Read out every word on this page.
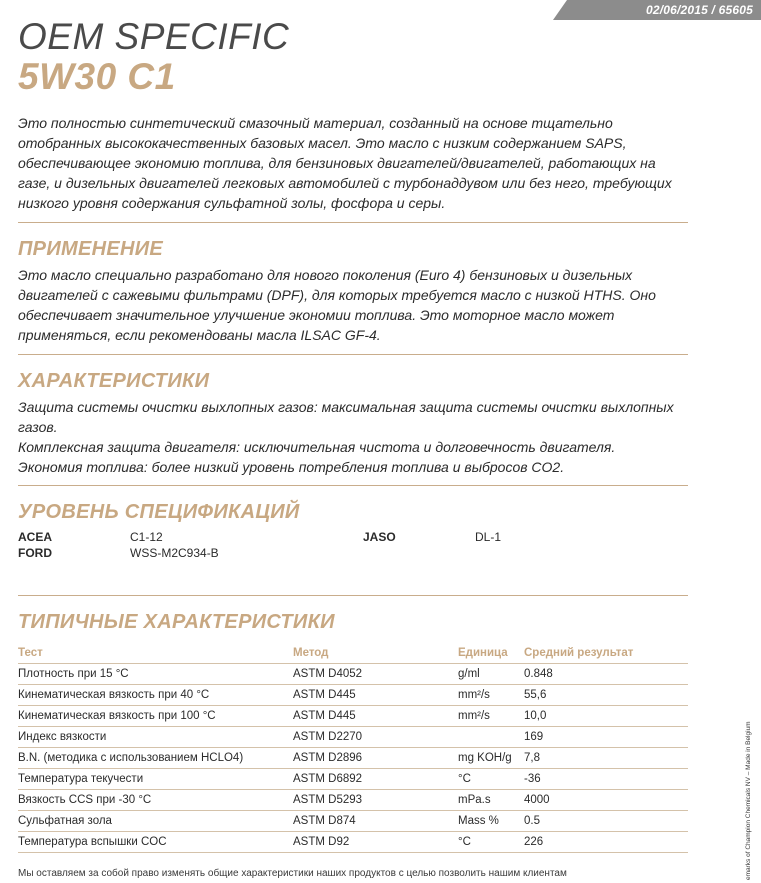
02/06/2015 / 65605
OEM SPECIFIC
5W30 C1

Это полностью синтетический смазочный материал, созданный на основе тщательно отобранных высококачественных базовых масел. Это масло с низким содержанием SAPS, обеспечивающее экономию топлива, для бензиновых двигателей/двигателей, работающих на газе, и дизельных двигателей легковых автомобилей с турбонаддувом или без него, требующих низкого уровня содержания сульфатной золы, фосфора и серы.

ПРИМЕНЕНИЕ

Это масло специально разработано для нового поколения (Euro 4) бензиновых и дизельных двигателей с сажевыми фильтрами (DPF), для которых требуется масло с низкой HTHS. Оно обеспечивает значительное улучшение экономии топлива. Это моторное масло может применяться, если рекомендованы масла ILSAC GF-4.

ХАРАКТЕРИСТИКИ

Защита системы очистки выхлопных газов: максимальная защита системы очистки выхлопных газов.

Комплексная защита двигателя: исключительная чистота и долговечность двигателя.

Экономия топлива: более низкий уровень потребления топлива и выбросов CO2.

УРОВЕНЬ СПЕЦИФИКАЦИЙ
ACEA	C1-12	JASO	DL-1
FORD	WSS-M2C934-B
ТИПИЧНЫЕ ХАРАКТЕРИСТИКИ
Тест	Метод	Единица	Средний результат
Плотность при 15 °C	ASTM D4052	g/ml	0.848
Кинематическая вязкость при 40 °C	ASTM D445	mm²/s	55,6
Кинематическая вязкость при 100 °C	ASTM D445	mm²/s	10,0
Индекс вязкости	ASTM D2270		169
B.N. (методика с использованием HCLO4)	ASTM D2896	mg KOH/g	7,8
Температура текучести	ASTM D6892	°C	-36
Вязкость CCS при -30 °C	ASTM D5293	mPa.s	4000
Сульфатная зола	ASTM D874	Mass %	0.5
Температура вспышки COC	ASTM D92	°C	226
Мы оставляем за собой право изменять общие характеристики наших продуктов с целью позволить нашим клиентам	emarks of Champion Chemicals NV – Made in Belgium
